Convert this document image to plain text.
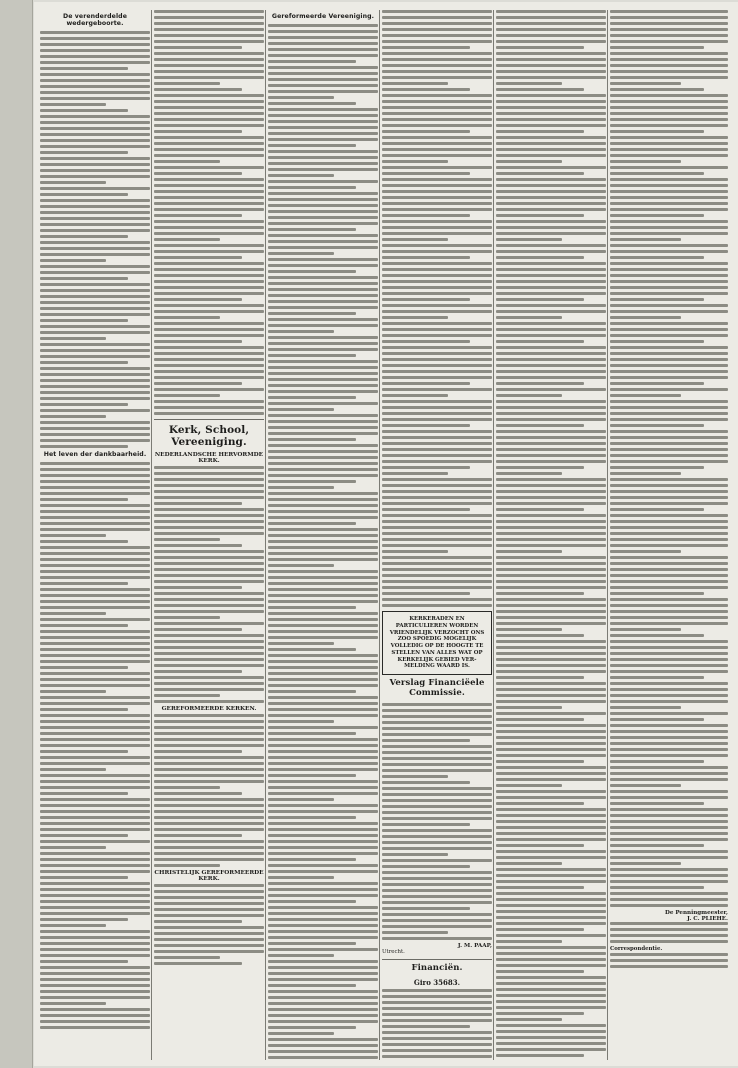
De verenderdelde wedergeboorte.
Het leven der dankbaarheid.
Kerk, School, Vereeniging.
NEDERLANDSCHE HERVORMDE KERK.
GEREFORMEERDE KERKEN.
CHRISTELIJK GEREFORMEERDE KERK.
Gereformeerde Vereeniging.
KERKERADEN EN PARTICULIEREN WORDEN VRIENDELIJK VERZOCHT ONS ZOO SPOEDIG MOGELIJK VOLLEDIG OP DE HOOGTE TE STELLEN VAN ALLES WAT OP KERKELIJK GEBIED VER-MELDING WAARD IS.
Verslag Financiëele Commissie.
J. M. PAAP,
Utrecht.
Financiën.
Giro 35683.
De Penningmeester,
J. C. PLIEHE.
Correspondentie.
